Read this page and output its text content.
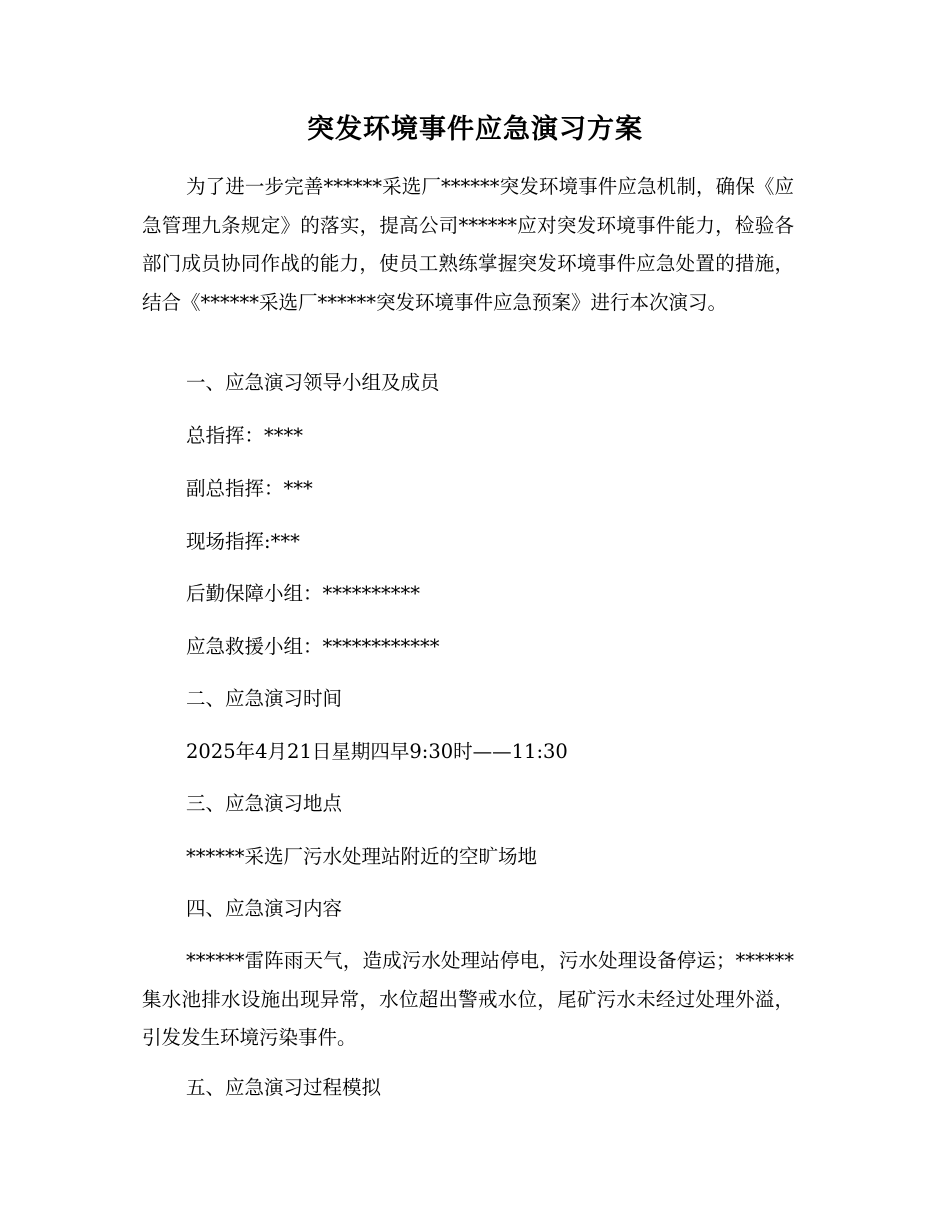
突发环境事件应急演习方案

为了进一步完善******采选厂******突发环境事件应急机制，确保《应急管理九条规定》的落实，提高公司******应对突发环境事件能力，检验各部门成员协同作战的能力，使员工熟练掌握突发环境事件应急处置的措施，结合《******采选厂******突发环境事件应急预案》进行本次演习。

一、应急演习领导小组及成员

总指挥：****

副总指挥：***

现场指挥:***

后勤保障小组：**********

应急救援小组：************

二、应急演习时间

2025年4月21日星期四早9:30时——11:30

三、应急演习地点

******采选厂污水处理站附近的空旷场地

四、应急演习内容

******雷阵雨天气，造成污水处理站停电，污水处理设备停运；******集水池排水设施出现异常，水位超出警戒水位，尾矿污水未经过处理外溢，引发发生环境污染事件。

五、应急演习过程模拟
